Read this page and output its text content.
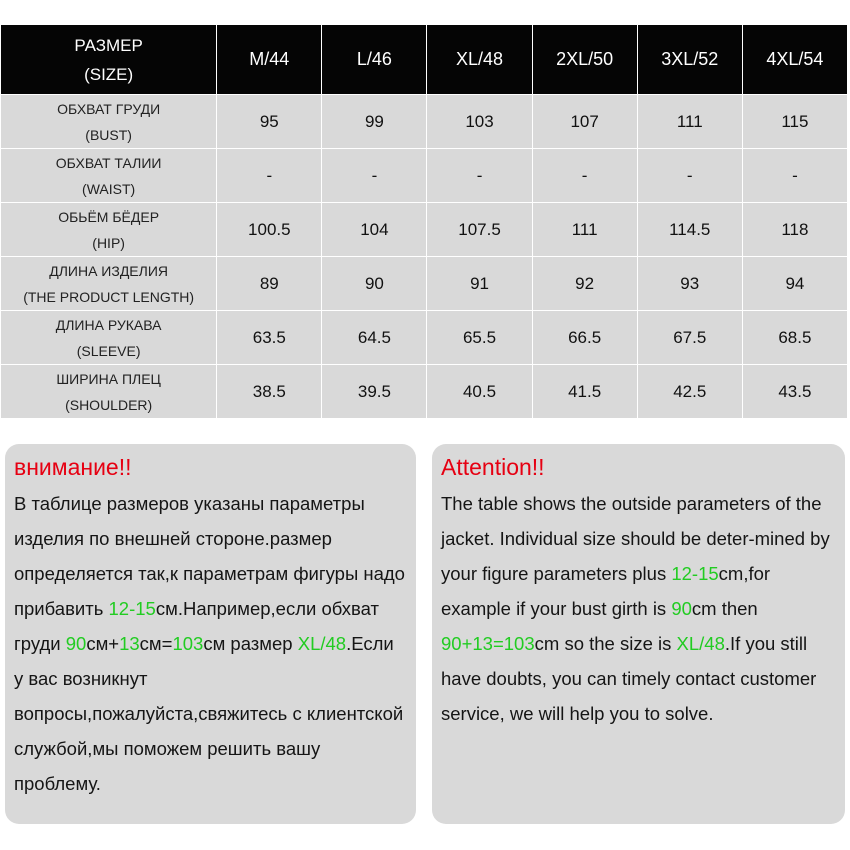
РАЗМЕР
(SIZE)	M/44	L/46	XL/48	2XL/50	3XL/52	4XL/54

ОБХВАТ ГРУДИ
(BUST)	95	99	103	107	111	115

ОБХВАТ ТАЛИИ
(WAIST)	-	-	-	-	-	-

ОБЬЁМ БЁДЕР
(HIP)	100.5	104	107.5	111	114.5	118

ДЛИНА ИЗДЕЛИЯ
(THE PRODUCT LENGTH)	89	90	91	92	93	94

ДЛИНА РУКАВА
(SLEEVE)	63.5	64.5	65.5	66.5	67.5	68.5

ШИРИНА ПЛЕЦ
(SHOULDER)	38.5	39.5	40.5	41.5	42.5	43.5
внимание!!

В таблице размеров указаны параметры изделия по внешней стороне.размер определяется так,к параметрам фигуры надо прибавить 12-15см.Например,если обхват груди 90см+13см=103см размер XL/48.Если у вас возникнут вопросы,пожалуйста,свяжитесь с клиентской службой,мы поможем решить вашу проблему.

Attention!!

The table shows the outside parameters of the jacket. Individual size should be deter-mined by your figure parameters plus 12-15cm,for example if your bust girth is 90cm then 90+13=103cm so the size is XL/48.If you still have doubts, you can timely contact customer service, we will help you to solve.
